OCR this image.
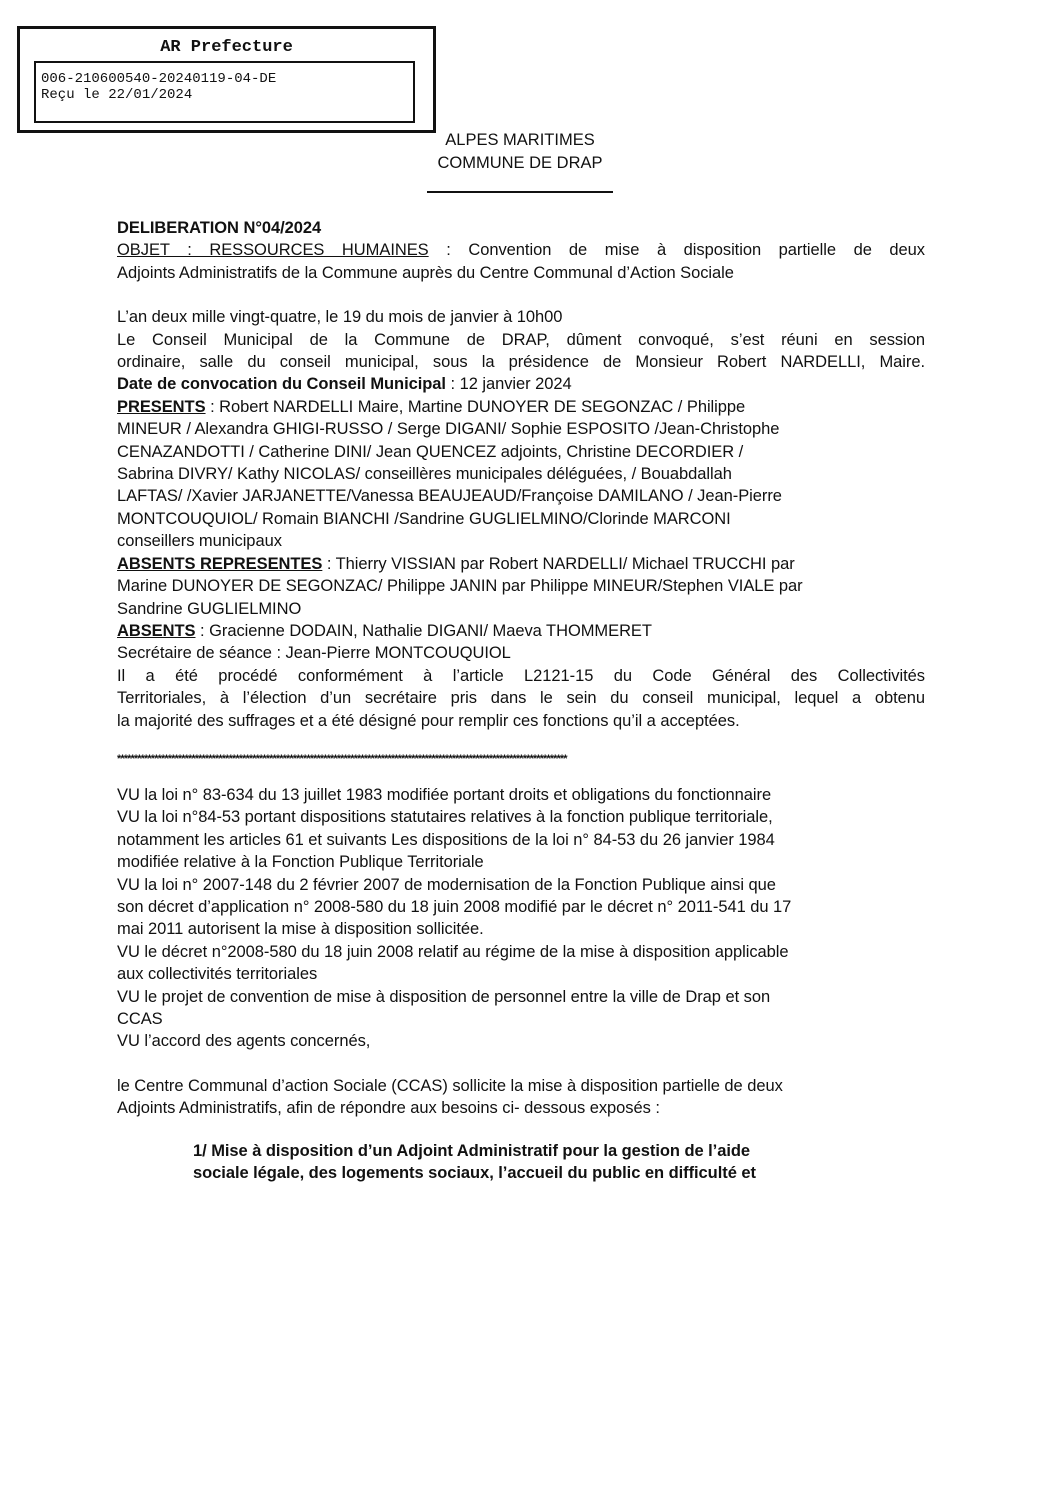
AR Prefecture
006-210600540-20240119-04-DE
Reçu le 22/01/2024
ALPES MARITIMES
COMMUNE DE DRAP
DELIBERATION N°04/2024
OBJET : RESSOURCES HUMAINES : Convention de mise à disposition partielle de deux
Adjoints Administratifs de la Commune auprès du Centre Communal d’Action Sociale
L’an deux mille vingt-quatre, le 19 du mois de janvier à 10h00
Le Conseil Municipal de la Commune de DRAP, dûment convoqué, s’est réuni en session
ordinaire, salle du conseil municipal, sous la présidence de Monsieur Robert NARDELLI, Maire.
Date de convocation du Conseil Municipal : 12 janvier 2024
PRESENTS : Robert NARDELLI Maire, Martine DUNOYER DE SEGONZAC / Philippe
MINEUR / Alexandra GHIGI-RUSSO / Serge DIGANI/ Sophie ESPOSITO /Jean-Christophe
CENAZANDOTTI / Catherine DINI/ Jean QUENCEZ adjoints, Christine DECORDIER /
Sabrina DIVRY/ Kathy NICOLAS/ conseillères municipales déléguées, / Bouabdallah
LAFTAS/ /Xavier JARJANETTE/Vanessa BEAUJEAUD/Françoise DAMILANO / Jean-Pierre
MONTCOUQUIOL/ Romain BIANCHI /Sandrine GUGLIELMINO/Clorinde MARCONI
conseillers municipaux
ABSENTS REPRESENTES : Thierry VISSIAN par Robert NARDELLI/ Michael TRUCCHI par
Marine DUNOYER DE SEGONZAC/ Philippe JANIN par Philippe MINEUR/Stephen VIALE par
Sandrine GUGLIELMINO
ABSENTS : Gracienne DODAIN, Nathalie DIGANI/ Maeva THOMMERET
Secrétaire de séance : Jean-Pierre MONTCOUQUIOL
Il a été procédé conformément à l’article L2121-15 du Code Général des Collectivités
Territoriales, à l’élection d’un secrétaire pris dans le sein du conseil municipal, lequel a obtenu
la majorité des suffrages et a été désigné pour remplir ces fonctions qu’il a acceptées.
*************************************************************************************************************************************
VU la loi n° 83-634 du 13 juillet 1983 modifiée portant droits et obligations du fonctionnaire
VU la loi n°84-53 portant dispositions statutaires relatives à la fonction publique territoriale,
notamment les articles 61 et suivants Les dispositions de la loi n° 84-53 du 26 janvier 1984
modifiée relative à la Fonction Publique Territoriale
VU la loi n° 2007-148 du 2 février 2007 de modernisation de la Fonction Publique ainsi que
son décret d’application n° 2008-580 du 18 juin 2008 modifié par le décret n° 2011-541 du 17
mai 2011 autorisent la mise à disposition sollicitée.
VU le décret n°2008-580 du 18 juin 2008 relatif au régime de la mise à disposition applicable
aux collectivités territoriales
VU le projet de convention de mise à disposition de personnel entre la ville de Drap et son
CCAS
VU l’accord des agents concernés,
le Centre Communal d’action Sociale (CCAS) sollicite la mise à disposition partielle de deux
Adjoints Administratifs, afin de répondre aux besoins ci- dessous exposés :
1/ Mise à disposition d’un Adjoint Administratif pour la gestion de l’aide
sociale légale, des logements sociaux, l’accueil du public en difficulté et
